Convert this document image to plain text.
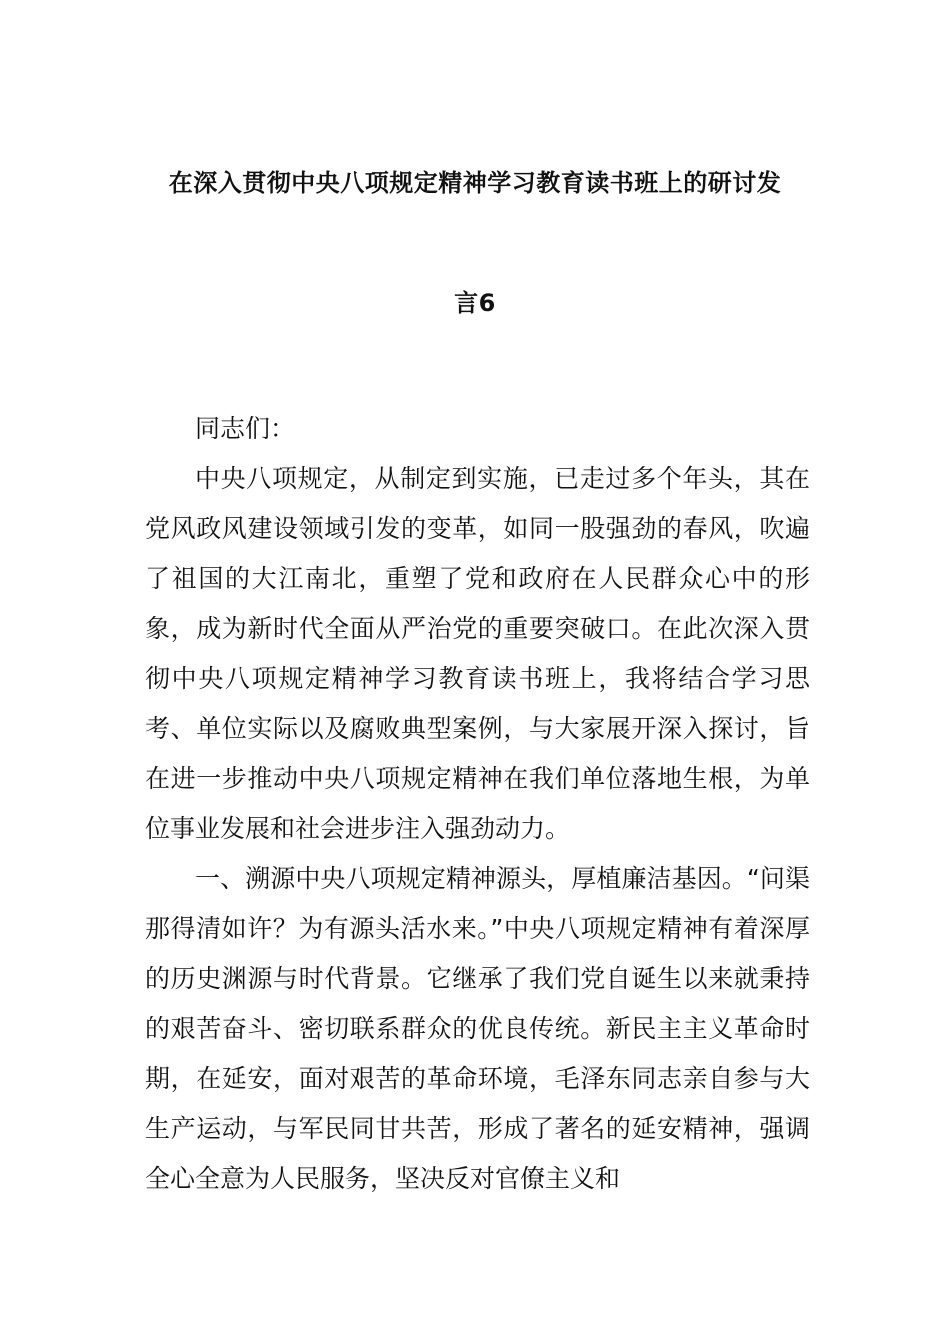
在深入贯彻中央八项规定精神学习教育读书班上的研讨发
言6

同志们：

中央八项规定，从制定到实施，已走过多个年头，其在党风政风建设领域引发的变革，如同一股强劲的春风，吹遍了祖国的大江南北，重塑了党和政府在人民群众心中的形象，成为新时代全面从严治党的重要突破口。在此次深入贯彻中央八项规定精神学习教育读书班上，我将结合学习思考、单位实际以及腐败典型案例，与大家展开深入探讨，旨在进一步推动中央八项规定精神在我们单位落地生根，为单位事业发展和社会进步注入强劲动力。

一、溯源中央八项规定精神源头，厚植廉洁基因。“问渠那得清如许？为有源头活水来。”中央八项规定精神有着深厚的历史渊源与时代背景。它继承了我们党自诞生以来就秉持的艰苦奋斗、密切联系群众的优良传统。新民主主义革命时期，在延安，面对艰苦的革命环境，毛泽东同志亲自参与大生产运动，与军民同甘共苦，形成了著名的延安精神，强调全心全意为人民服务，坚决反对官僚主义和
